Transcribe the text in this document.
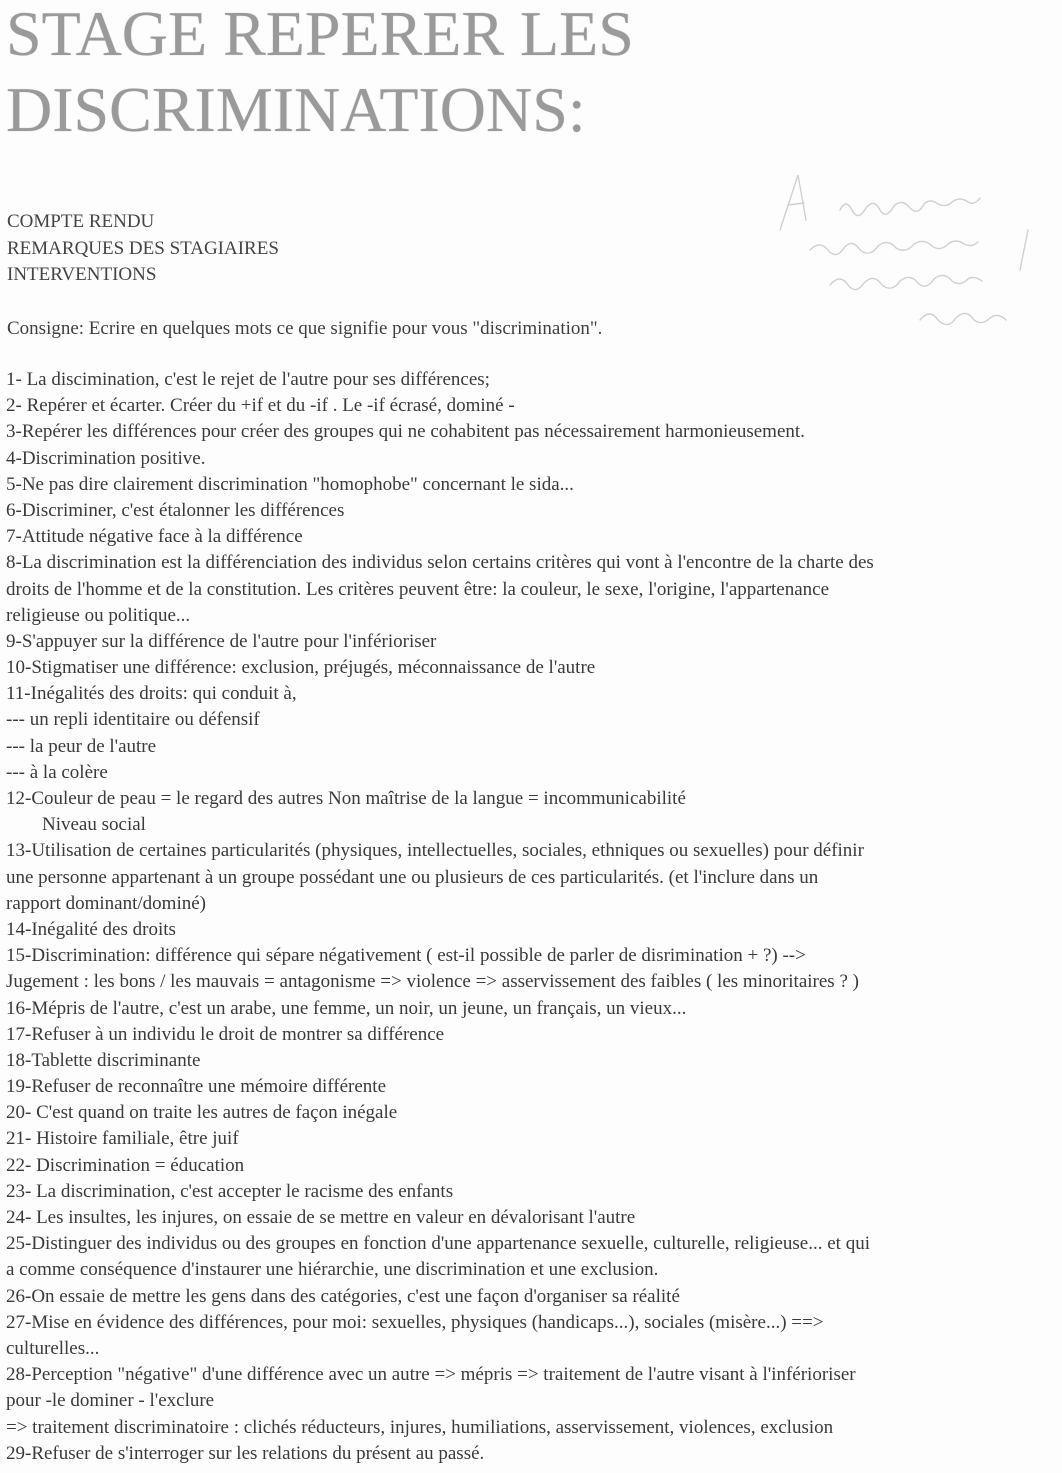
STAGE REPERER LES
DISCRIMINATIONS:
COMPTE RENDU
REMARQUES DES STAGIAIRES
INTERVENTIONS
Consigne: Ecrire en quelques mots ce que signifie pour vous "discrimination".
1- La discimination, c'est le rejet de l'autre pour ses différences;
2- Repérer et écarter. Créer du +if et du -if . Le -if écrasé, dominé -
3-Repérer les différences pour créer des groupes qui ne cohabitent pas nécessairement harmonieusement.
4-Discrimination positive.
5-Ne pas dire clairement discrimination "homophobe" concernant le sida...
6-Discriminer, c'est étalonner les différences
7-Attitude négative face à la différence
8-La discrimination est la différenciation des individus selon certains critères qui vont à l'encontre de la charte des
droits de l'homme et de la constitution. Les critères peuvent être: la couleur, le sexe, l'origine, l'appartenance
religieuse ou politique...
9-S'appuyer sur la différence de l'autre pour l'inférioriser
10-Stigmatiser une différence: exclusion, préjugés, méconnaissance de l'autre
11-Inégalités des droits: qui conduit à,
--- un repli identitaire ou défensif
--- la peur de l'autre
--- à la colère
12-Couleur de peau = le regard des autres Non maîtrise de la langue = incommunicabilité
Niveau social
13-Utilisation de certaines particularités (physiques, intellectuelles, sociales, ethniques ou sexuelles) pour définir
une personne appartenant à un groupe possédant une ou plusieurs de ces particularités. (et l'inclure dans un
rapport dominant/dominé)
14-Inégalité des droits
15-Discrimination: différence qui sépare négativement ( est-il possible de parler de disrimination + ?) -->
Jugement : les bons / les mauvais = antagonisme => violence => asservissement des faibles ( les minoritaires ? )
16-Mépris de l'autre, c'est un arabe, une femme, un noir, un jeune, un français, un vieux...
17-Refuser à un individu le droit de montrer sa différence
18-Tablette discriminante
19-Refuser de reconnaître une mémoire différente
20- C'est quand on traite les autres de façon inégale
21- Histoire familiale, être juif
22- Discrimination = éducation
23- La discrimination, c'est accepter le racisme des enfants
24- Les insultes, les injures, on essaie de se mettre en valeur en dévalorisant l'autre
25-Distinguer des individus ou des groupes en fonction d'une appartenance sexuelle, culturelle, religieuse... et qui
a comme conséquence d'instaurer une hiérarchie, une discrimination et une exclusion.
26-On essaie de mettre les gens dans des catégories, c'est une façon d'organiser sa réalité
27-Mise en évidence des différences, pour moi: sexuelles, physiques (handicaps...), sociales (misère...) ==>
culturelles...
28-Perception "négative" d'une différence avec un autre => mépris => traitement de l'autre visant à l'inférioriser
pour -le dominer - l'exclure
=> traitement discriminatoire : clichés réducteurs, injures, humiliations, asservissement, violences, exclusion
29-Refuser de s'interroger sur les relations du présent au passé.
